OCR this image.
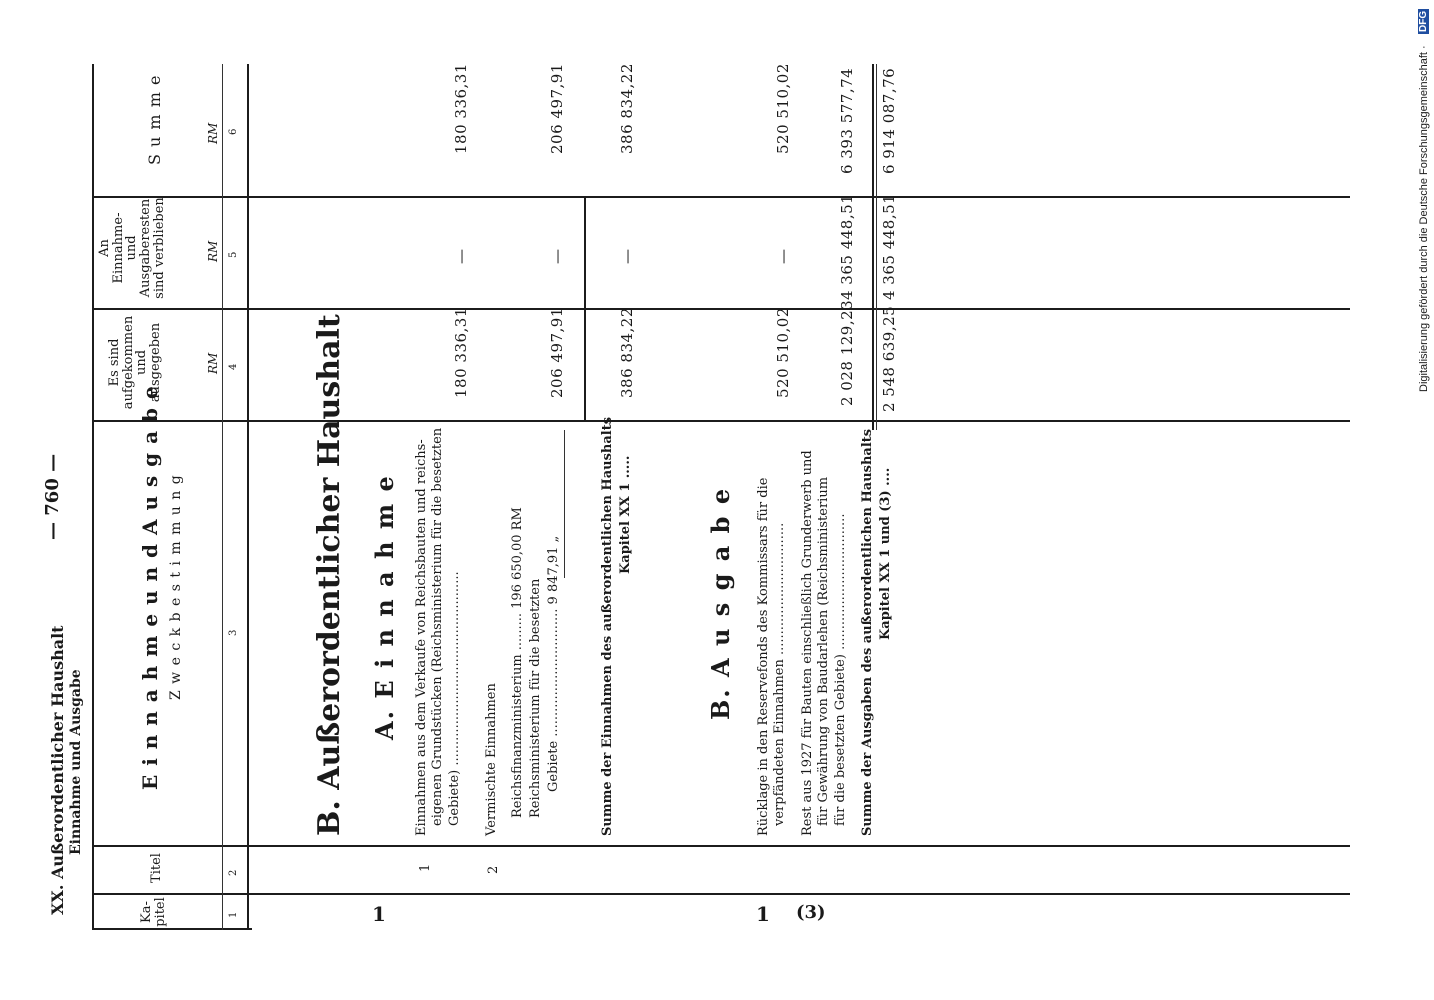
XX. Außerordentlicher Haushalt Einnahme und Ausgabe
— 760 —
Digitalisierung gefördert durch die Deutsche Forschungsgemeinschaft ·
DFG
Ka-
pitel
Titel
E i n n a h m e u n d A u s g a b e Z w e c k b e s t i m m u n g
Es sind
aufgekommen
und
ausgegeben
An
Einnahme-
und
Ausgaberesten
sind verblieben
S u m m e
RM
RM
RM
1
2
3
4
5
6
B. Außerordentlicher Haushalt A. E i n n a h m e	B. A u s g a b e
1
1
Einnahmen aus dem Verkaufe von Reichsbauten und reichs- eigenen Grundstücken (Reichsministerium für die besetzten Gebiete) ...............................................
180 336,31
—
180 336,31
2
Vermischte Einnahmen Reichsfinanzministerium ......... 196 650,00 RM Reichsministerium für die besetzten Gebiete ............................... 9 847,91 „
206 497,91
—
206 497,91
Summe der Einnahmen des außerordentlichen Haushalts Kapitel XX 1 .....
386 834,22
—
386 834,22
1
Rücklage in den Reservefonds des Kommissars für die verpfändeten Einnahmen ................................
520 510,02
—
520 510,02
(3)
Rest aus 1927 für Bauten einschließlich Grunderwerb und für Gewährung von Baudarlehen (Reichsministerium für die besetzten Gebiete) .................................
2 028 129,23
4 365 448,51
6 393 577,74
Summe der Ausgaben des außerordentlichen Haushalts Kapitel XX 1 und (3) ....
2 548 639,25
4 365 448,51
6 914 087,76
